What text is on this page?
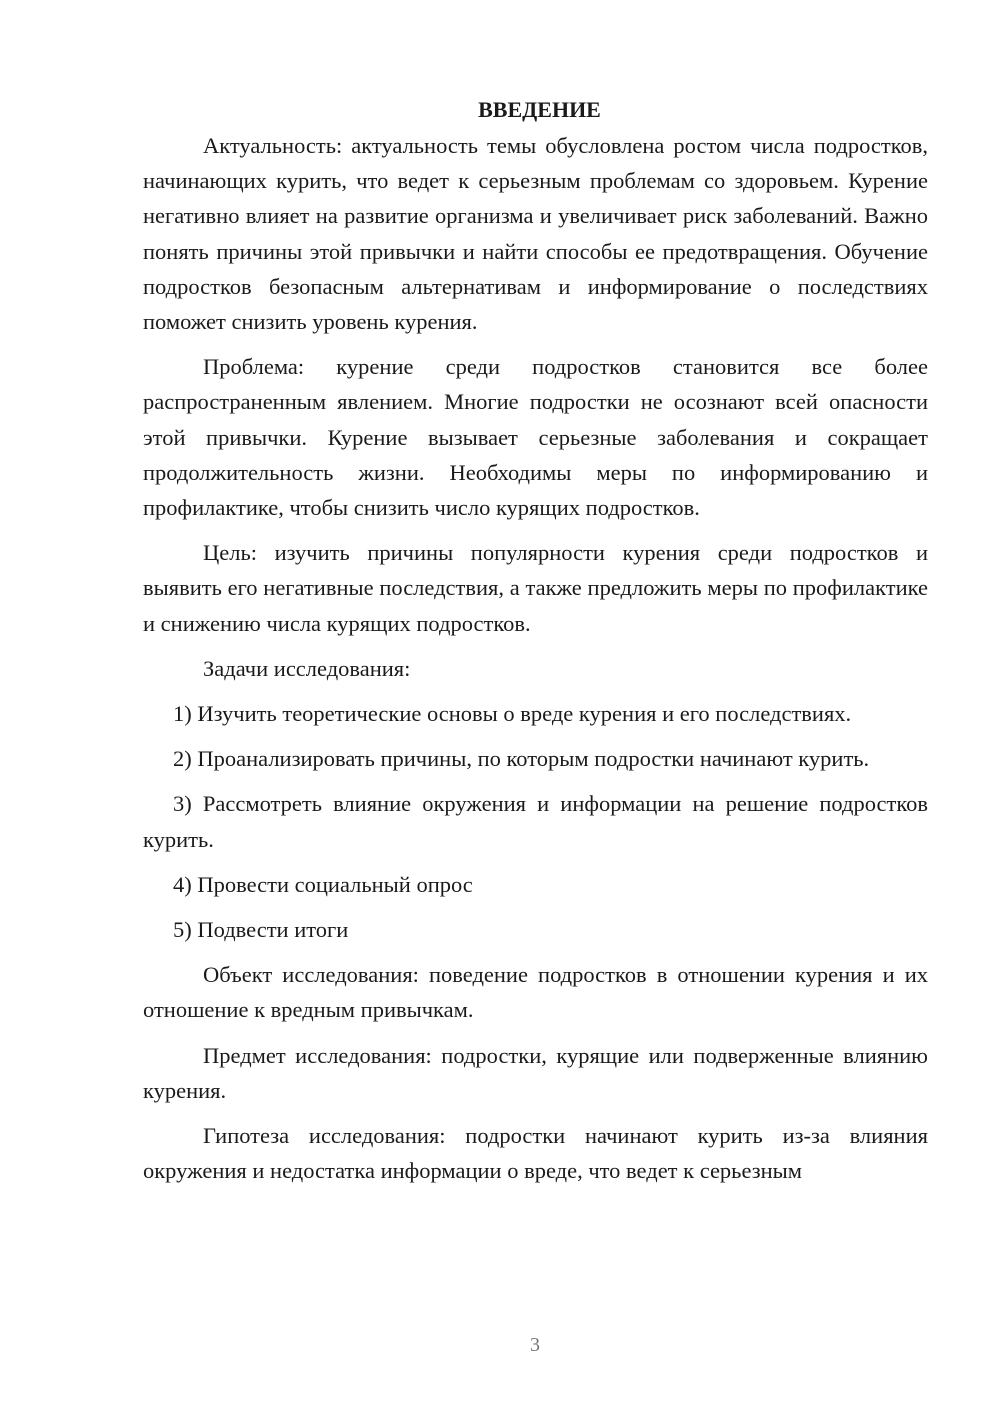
ВВЕДЕНИЕ

Актуальность: актуальность темы обусловлена ростом числа подростков, начинающих курить, что ведет к серьезным проблемам со здоровьем. Курение негативно влияет на развитие организма и увеличивает риск заболеваний. Важно понять причины этой привычки и найти способы ее предотвращения. Обучение подростков безопасным альтернативам и информирование о последствиях поможет снизить уровень курения.

Проблема: курение среди подростков становится все более распространенным явлением. Многие подростки не осознают всей опасности этой привычки. Курение вызывает серьезные заболевания и сокращает продолжительность жизни. Необходимы меры по информированию и профилактике, чтобы снизить число курящих подростков.

Цель: изучить причины популярности курения среди подростков и выявить его негативные последствия, а также предложить меры по профилактике и снижению числа курящих подростков.

Задачи исследования:

1) Изучить теоретические основы о вреде курения и его последствиях.

2) Проанализировать причины, по которым подростки начинают курить.

3) Рассмотреть влияние окружения и информации на решение подростков курить.

4) Провести социальный опрос

5) Подвести итоги

Объект исследования: поведение подростков в отношении курения и их отношение к вредным привычкам.

Предмет исследования: подростки, курящие или подверженные влиянию курения.

Гипотеза исследования: подростки начинают курить из-за влияния окружения и недостатка информации о вреде, что ведет к серьезным

3
